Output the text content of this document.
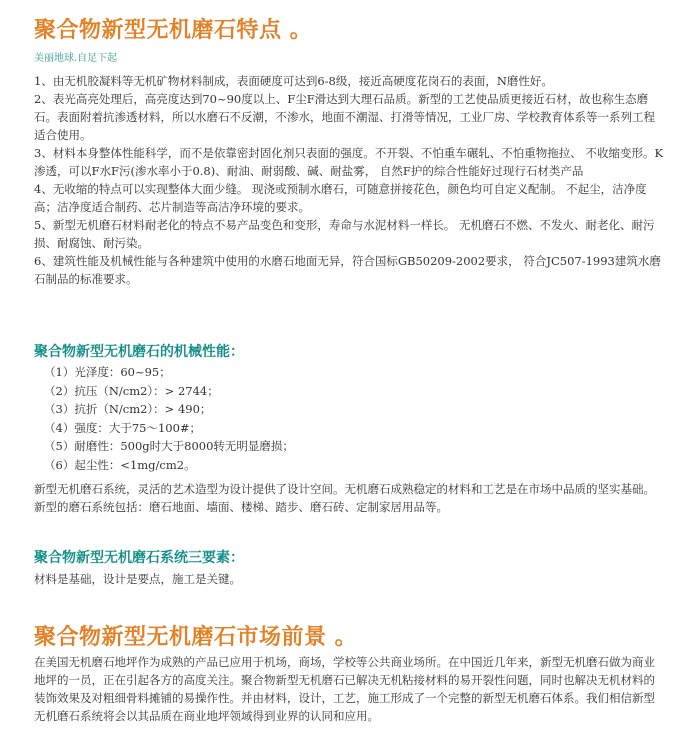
聚合物新型无机磨石特点 。
美丽地球.自足下起

1、由无机胶凝料等无机矿物材料制成，表面硬度可达到6-8级，接近高硬度花岗石的表面，N磨性好。

2、表光高亮处理后，高亮度达到70~90度以上、F尘F滑达到大理石品质。新型的工艺使品质更接近石材，故也称生态磨石。表面附着抗渗透材料，所以水磨石不反潮，不渗水，地面不潮湿、打滑等情况，工业厂房、学校教育体系等一系列工程适合使用。

3、材料本身整体性能科学，而不是依靠密封固化剂只表面的强度。不开裂、不怕重车碾轧、不怕重物拖拉、 不收缩变形。K渗透，可以F水F污(渗水率小于0.8)、耐油、耐弱酸、碱、耐盐雾， 自然F护的综合性能好过现行石材类产品

4、无收缩的特点可以实现整体大面少缝。 现浇或预制水磨石，可随意拼接花色，颜色均可自定义配制。 不起尘，洁净度高；洁净度适合制药、芯片制造等高洁净环境的要求。

5、新型无机磨石材料耐老化的特点不易产品变色和变形，寿命与水泥材料一样长。 无机磨石不燃、不发火、耐老化、耐污损、耐腐蚀、耐污染。

6、建筑性能及机械性能与各种建筑中使用的水磨石地面无异，符合国标GB50209-2002要求， 符合JC507-1993建筑水磨石制品的标准要求。

聚合物新型无机磨石的机械性能：
（1）光泽度：60~95；
（2）抗压（N/cm2）：> 2744；
（3）抗折（N/cm2）：> 490；
（4）强度：大于75～100#；
（5）耐磨性：500g时大于8000转无明显磨损；
（6）起尘性：<1mg/cm2。

新型无机磨石系统，灵活的艺术造型为设计提供了设计空间。无机磨石成熟稳定的材料和工艺是在市场中品质的坚实基础。

新型的磨石系统包括：磨石地面、墙面、楼梯、踏步、磨石砖、定制家居用品等。

聚合物新型无机磨石系统三要素：
材料是基础，设计是要点，施工是关键。
聚合物新型无机磨石市场前景 。
在美国无机磨石地坪作为成熟的产品已应用于机场，商场，学校等公共商业场所。在中国近几年来，新型无机磨石做为商业地坪的一员，正在引起各方的高度关注。聚合物新型无机磨石已解决无机粘接材料的易开裂性问题，同时也解决无机材料的装饰效果及对粗细骨料摊铺的易操作性。并由材料，设计，工艺，施工形成了一个完整的新型无机磨石体系。我们相信新型无机磨石系统将会以其品质在商业地坪领域得到业界的认同和应用。
